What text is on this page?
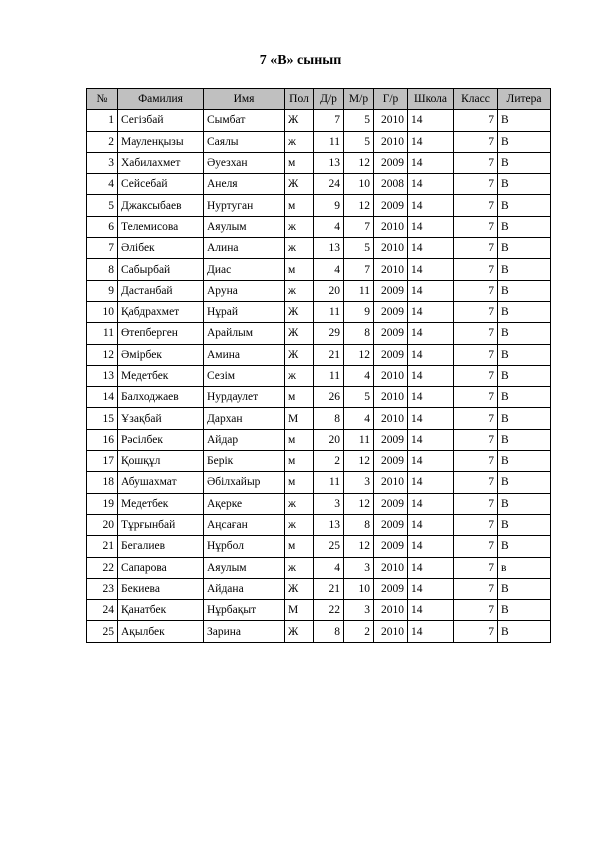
7 «В» сынып
№	Фамилия	Имя	Пол	Д/р	М/р	Г/р	Школа	Класс	Литера
1	Сегізбай	Сымбат	Ж	7	5	2010	14	7	В
2	Мауленқызы	Саялы	ж	11	5	2010	14	7	В
3	Хабилахмет	Әуезхан	м	13	12	2009	14	7	В
4	Сейсебай	Анеля	Ж	24	10	2008	14	7	В
5	Джаксыбаев	Нуртуган	м	9	12	2009	14	7	В
6	Телемисова	Аяулым	ж	4	7	2010	14	7	В
7	Әлібек	Алина	ж	13	5	2010	14	7	В
8	Сабырбай	Диас	м	4	7	2010	14	7	В
9	Дастанбай	Аруна	ж	20	11	2009	14	7	В
10	Қабдрахмет	Нұрай	Ж	11	9	2009	14	7	В
11	Өтепберген	Арайлым	Ж	29	8	2009	14	7	В
12	Әмірбек	Амина	Ж	21	12	2009	14	7	В
13	Медетбек	Сезім	ж	11	4	2010	14	7	В
14	Балходжаев	Нурдаулет	м	26	5	2010	14	7	В
15	Ұзақбай	Дархан	М	8	4	2010	14	7	В
16	Рәсілбек	Айдар	м	20	11	2009	14	7	В
17	Қошқұл	Берік	м	2	12	2009	14	7	В
18	Абушахмат	Әбілхайыр	м	11	3	2010	14	7	В
19	Медетбек	Ақерке	ж	3	12	2009	14	7	В
20	Тұрғынбай	Аңсаған	ж	13	8	2009	14	7	В
21	Бегалиев	Нұрбол	м	25	12	2009	14	7	В
22	Сапарова	Аяулым	ж	4	3	2010	14	7	в
23	Бекиева	Айдана	Ж	21	10	2009	14	7	В
24	Қанатбек	Нұрбақыт	М	22	3	2010	14	7	В
25	Ақылбек	Зарина	Ж	8	2	2010	14	7	В
